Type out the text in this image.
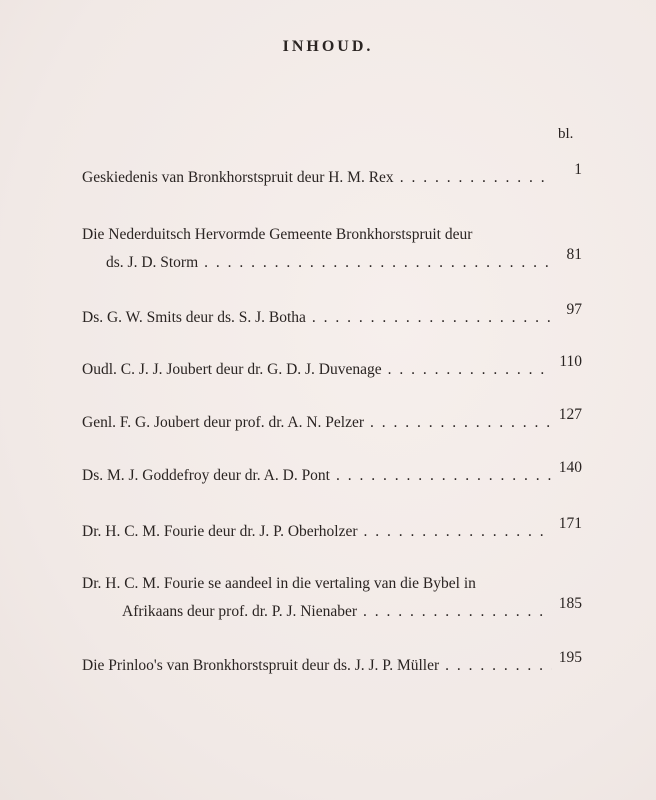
INHOUD.
bl.
Geskiedenis van Bronkhorstspruit deur H. M. Rex . . .	1
Die Nederduitsch Hervormde Gemeente Bronkhorstspruit deur
ds. J. D. Storm . . .	81
Ds. G. W. Smits deur ds. S. J. Botha . . .	97
Oudl. C. J. J. Joubert deur dr. G. D. J. Duvenage . . .	110
Genl. F. G. Joubert deur prof. dr. A. N. Pelzer . . .	127
Ds. M. J. Goddefroy deur dr. A. D. Pont . . .	140
Dr. H. C. M. Fourie deur dr. J. P. Oberholzer . . .	171
Dr. H. C. M. Fourie se aandeel in die vertaling van die Bybel in
Afrikaans deur prof. dr. P. J. Nienaber . . .	185
Die Prinloo's van Bronkhorstspruit deur ds. J. J. P. Müller . . .	195
